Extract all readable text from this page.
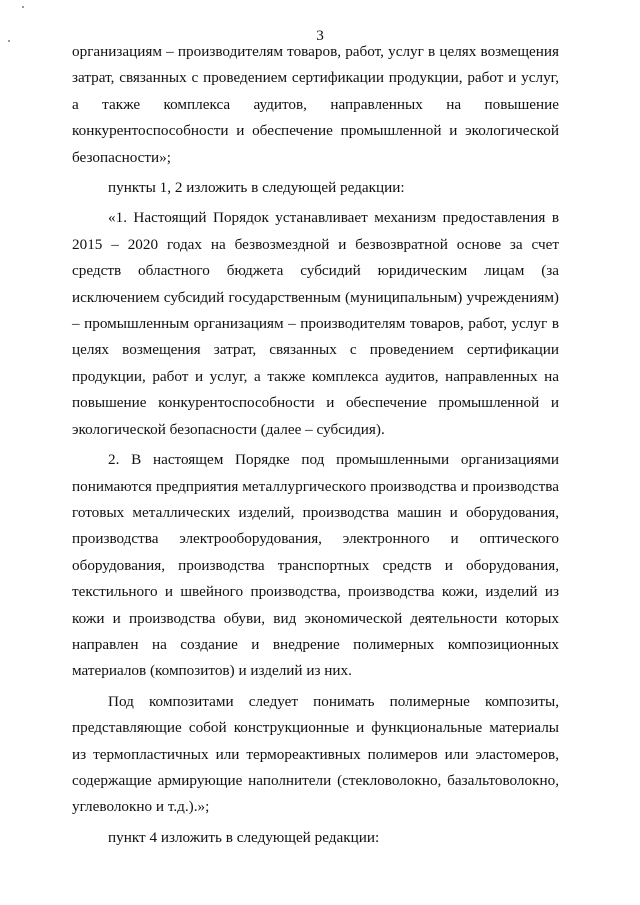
3

организациям – производителям товаров, работ, услуг в целях возмещения затрат, связанных с проведением сертификации продукции, работ и услуг, а также комплекса аудитов, направленных на повышение конкурентоспособности и обеспечение промышленной и экологической безопасности»;

пункты 1, 2 изложить в следующей редакции:

«1. Настоящий Порядок устанавливает механизм предоставления в 2015 – 2020 годах на безвозмездной и безвозвратной основе за счет средств областного бюджета субсидий юридическим лицам (за исключением субсидий государственным (муниципальным) учреждениям) – промышленным организациям – производителям товаров, работ, услуг в целях возмещения затрат, связанных с проведением сертификации продукции, работ и услуг, а также комплекса аудитов, направленных на повышение конкурентоспособности и обеспечение промышленной и экологической безопасности (далее – субсидия).

2. В настоящем Порядке под промышленными организациями понимаются предприятия металлургического производства и производства готовых металлических изделий, производства машин и оборудования, производства электрооборудования, электронного и оптического оборудования, производства транспортных средств и оборудования, текстильного и швейного производства, производства кожи, изделий из кожи и производства обуви, вид экономической деятельности которых направлен на создание и внедрение полимерных композиционных материалов (композитов) и изделий из них.

Под композитами следует понимать полимерные композиты, представляющие собой конструкционные и функциональные материалы из термопластичных или термореактивных полимеров или эластомеров, содержащие армирующие наполнители (стекловолокно, базальтоволокно, углеволокно и т.д.).»;

пункт 4 изложить в следующей редакции:
